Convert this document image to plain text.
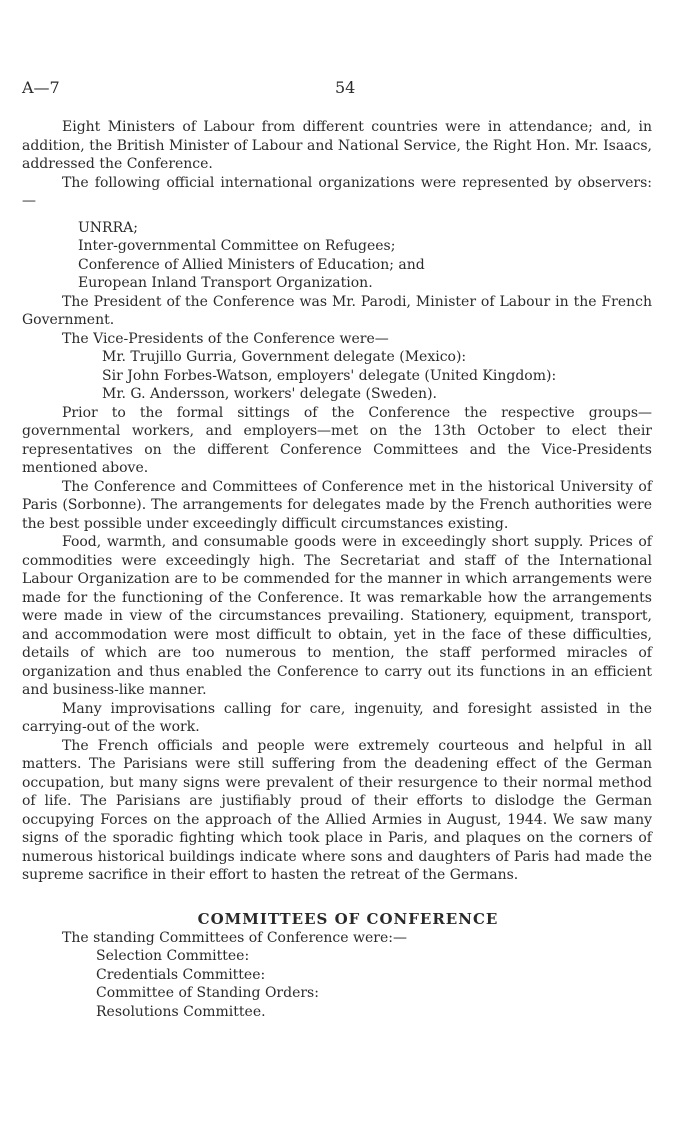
A—7	54

Eight Ministers of Labour from different countries were in attendance; and, in addition, the British Minister of Labour and National Service, the Right Hon. Mr. Isaacs, addressed the Conference.

The following official international organizations were represented by observers:—

UNRRA;
Inter-governmental Committee on Refugees;
Conference of Allied Ministers of Education; and
European Inland Transport Organization.

The President of the Conference was Mr. Parodi, Minister of Labour in the French Government.

The Vice-Presidents of the Conference were—

Mr. Trujillo Gurria, Government delegate (Mexico):
Sir John Forbes-Watson, employers' delegate (United Kingdom):
Mr. G. Andersson, workers' delegate (Sweden).

Prior to the formal sittings of the Conference the respective groups—governmental workers, and employers—met on the 13th October to elect their representatives on the different Conference Committees and the Vice-Presidents mentioned above.

The Conference and Committees of Conference met in the historical University of Paris (Sorbonne). The arrangements for delegates made by the French authorities were the best possible under exceedingly difficult circumstances existing.

Food, warmth, and consumable goods were in exceedingly short supply. Prices of commodities were exceedingly high. The Secretariat and staff of the International Labour Organization are to be commended for the manner in which arrangements were made for the functioning of the Conference. It was remarkable how the arrangements were made in view of the circumstances prevailing. Stationery, equipment, transport, and accommodation were most difficult to obtain, yet in the face of these difficulties, details of which are too numerous to mention, the staff performed miracles of organization and thus enabled the Conference to carry out its functions in an efficient and business-like manner.

Many improvisations calling for care, ingenuity, and foresight assisted in the carrying-out of the work.

The French officials and people were extremely courteous and helpful in all matters. The Parisians were still suffering from the deadening effect of the German occupation, but many signs were prevalent of their resurgence to their normal method of life. The Parisians are justifiably proud of their efforts to dislodge the German occupying Forces on the approach of the Allied Armies in August, 1944. We saw many signs of the sporadic fighting which took place in Paris, and plaques on the corners of numerous historical buildings indicate where sons and daughters of Paris had made the supreme sacrifice in their effort to hasten the retreat of the Germans.

COMMITTEES OF CONFERENCE

The standing Committees of Conference were:—

Selection Committee:
Credentials Committee:
Committee of Standing Orders:
Resolutions Committee.
